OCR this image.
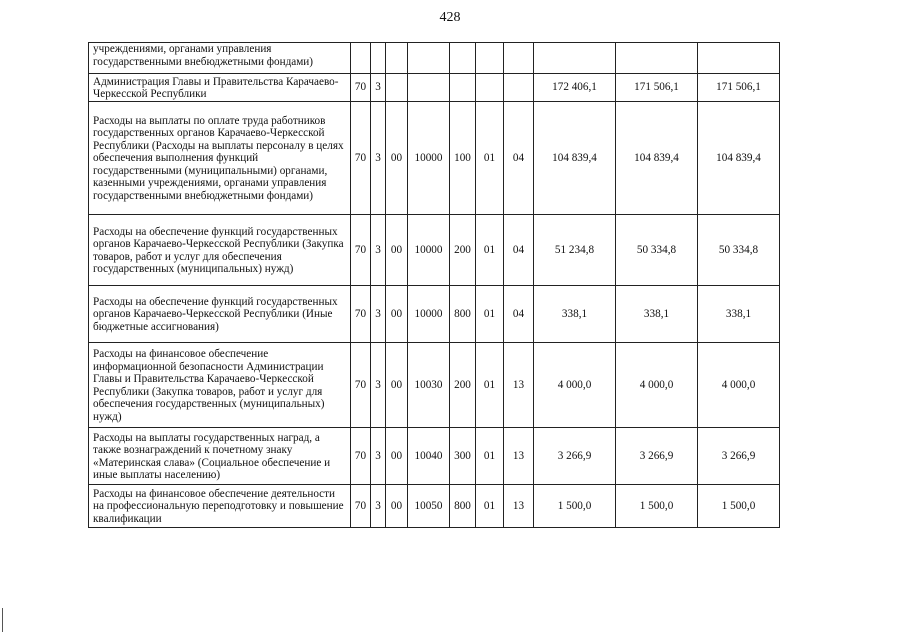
428
учреждениями, органами управления государственными внебюджетными фондами)										
Администрация Главы и Правительства Карачаево-Черкесской Республики	70	3						172 406,1	171 506,1	171 506,1
Расходы на выплаты по оплате труда работников государственных органов Карачаево-Черкесской Республики (Расходы на выплаты персоналу в целях обеспечения выполнения функций государственными (муниципальными) органами, казенными учреждениями, органами управления государственными внебюджетными фондами)	70	3	00	10000	100	01	04	104 839,4	104 839,4	104 839,4
Расходы на обеспечение функций государственных органов Карачаево-Черкесской Республики (Закупка товаров, работ и услуг для обеспечения государственных (муниципальных) нужд)	70	3	00	10000	200	01	04	51 234,8	50 334,8	50 334,8
Расходы на обеспечение функций государственных органов Карачаево-Черкесской Республики (Иные бюджетные ассигнования)	70	3	00	10000	800	01	04	338,1	338,1	338,1
Расходы на финансовое обеспечение информационной безопасности Администрации Главы и Правительства Карачаево-Черкесской Республики (Закупка товаров, работ и услуг для обеспечения государственных (муниципальных) нужд)	70	3	00	10030	200	01	13	4 000,0	4 000,0	4 000,0
Расходы на выплаты государственных наград, а также вознаграждений к почетному знаку «Материнская слава» (Социальное обеспечение и иные выплаты населению)	70	3	00	10040	300	01	13	3 266,9	3 266,9	3 266,9
Расходы на финансовое обеспечение деятельности на профессиональную переподготовку и повышение квалификации	70	3	00	10050	800	01	13	1 500,0	1 500,0	1 500,0
